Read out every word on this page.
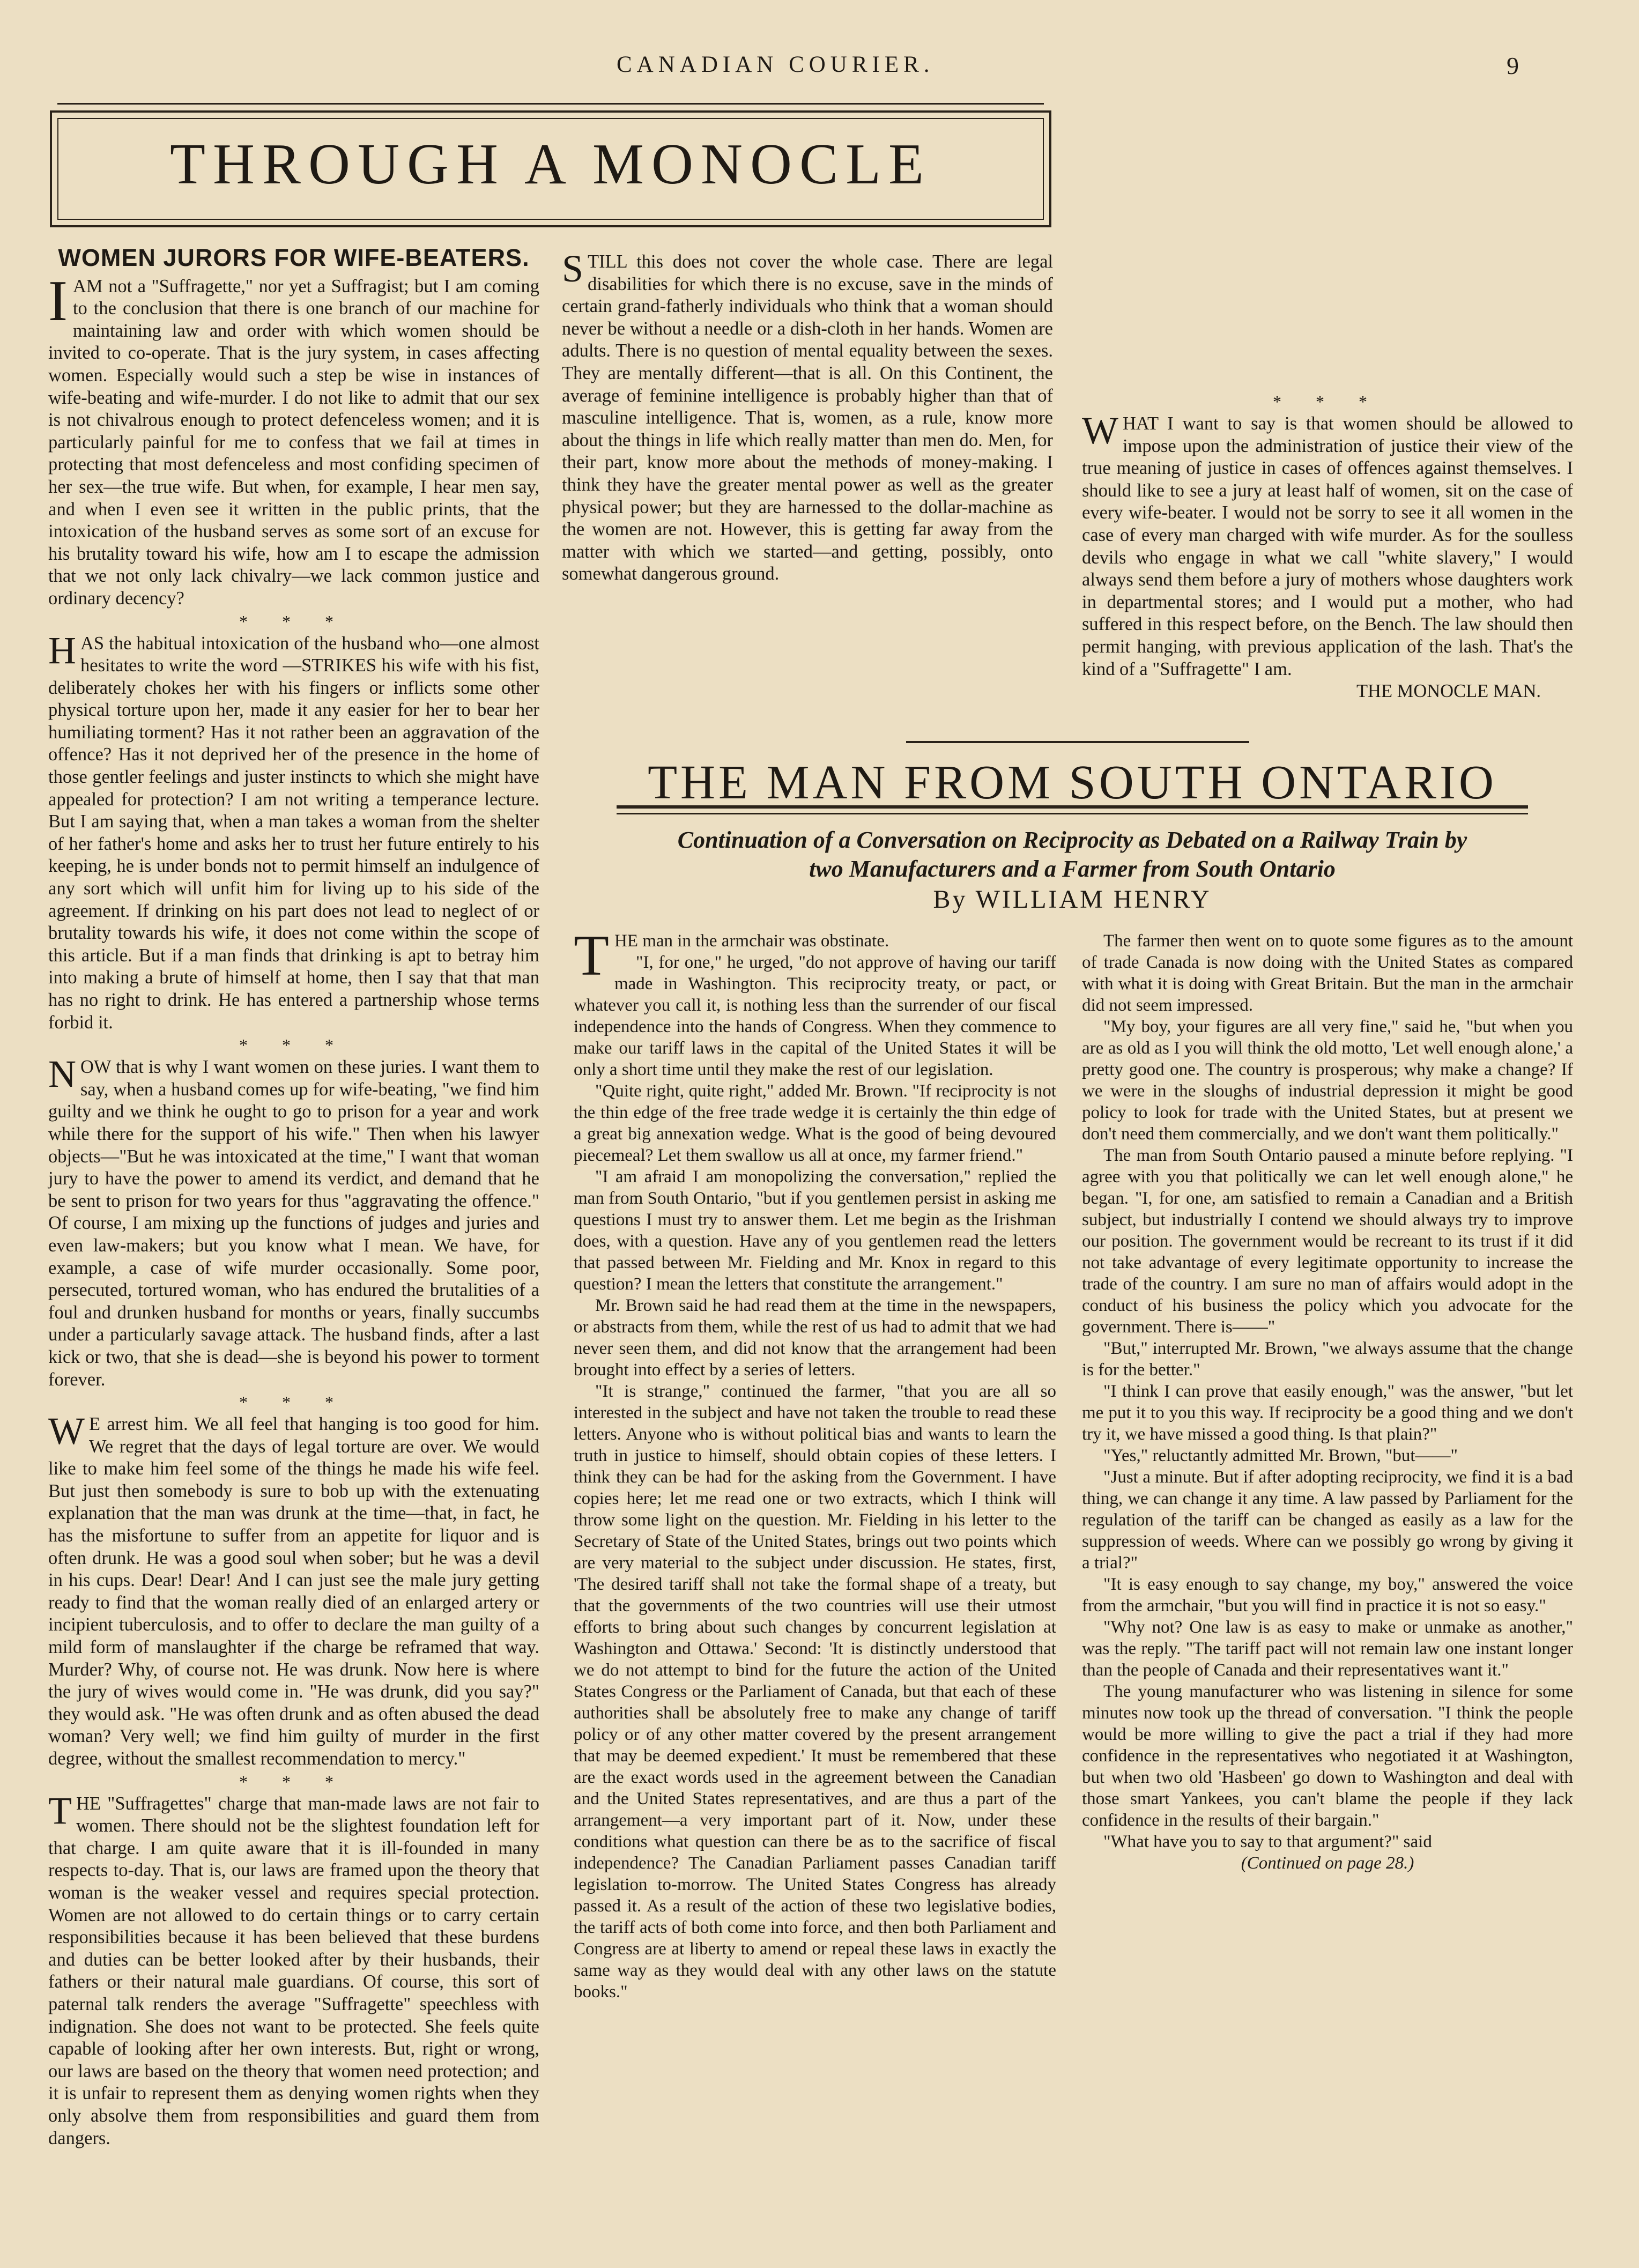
CANADIAN COURIER.	9
THROUGH A MONOCLE
WOMEN JURORS FOR WIFE-BEATERS.

IAM not a "Suffragette," nor yet a Suffragist; but I am coming to the conclusion that there is one branch of our machine for maintaining law and order with which women should be invited to co-operate. That is the jury system, in cases affecting women. Especially would such a step be wise in instances of wife-beating and wife-murder. I do not like to admit that our sex is not chivalrous enough to protect defenceless women; and it is particularly painful for me to confess that we fail at times in protecting that most defenceless and most confiding specimen of her sex—the true wife. But when, for example, I hear men say, and when I even see it written in the public prints, that the intoxication of the husband serves as some sort of an excuse for his brutality toward his wife, how am I to escape the admission that we not only lack chivalry—we lack common justice and ordinary decency?

* * *

HAS the habitual intoxication of the husband who—one almost hesitates to write the word —STRIKES his wife with his fist, deliberately chokes her with his fingers or inflicts some other physical torture upon her, made it any easier for her to bear her humiliating torment? Has it not rather been an aggravation of the offence? Has it not deprived her of the presence in the home of those gentler feelings and juster instincts to which she might have appealed for protection? I am not writing a temperance lecture. But I am saying that, when a man takes a woman from the shelter of her father's home and asks her to trust her future entirely to his keeping, he is under bonds not to permit himself an indulgence of any sort which will unfit him for living up to his side of the agreement. If drinking on his part does not lead to neglect of or brutality towards his wife, it does not come within the scope of this article. But if a man finds that drinking is apt to betray him into making a brute of himself at home, then I say that that man has no right to drink. He has entered a partnership whose terms forbid it.

* * *

NOW that is why I want women on these juries. I want them to say, when a husband comes up for wife-beating, "we find him guilty and we think he ought to go to prison for a year and work while there for the support of his wife." Then when his lawyer objects—"But he was intoxicated at the time," I want that woman jury to have the power to amend its verdict, and demand that he be sent to prison for two years for thus "aggravating the offence." Of course, I am mixing up the functions of judges and juries and even law-makers; but you know what I mean. We have, for example, a case of wife murder occasionally. Some poor, persecuted, tortured woman, who has endured the brutalities of a foul and drunken husband for months or years, finally succumbs under a particularly savage attack. The husband finds, after a last kick or two, that she is dead—she is beyond his power to torment forever.

* * *

W E arrest him. We all feel that hanging is too good for him. We regret that the days of legal torture are over. We would like to make him feel some of the things he made his wife feel. But just then somebody is sure to bob up with the extenuating explanation that the man was drunk at the time—that, in fact, he has the misfortune to suffer from an appetite for liquor and is often drunk. He was a good soul when sober; but he was a devil in his cups. Dear! Dear! And I can just see the male jury getting ready to find that the woman really died of an enlarged artery or incipient tuberculosis, and to offer to declare the man guilty of a mild form of manslaughter if the charge be reframed that way. Murder? Why, of course not. He was drunk. Now here is where the jury of wives would come in. "He was drunk, did you say?" they would ask. "He was often drunk and as often abused the dead woman? Very well; we find him guilty of murder in the first degree, without the smallest recommendation to mercy."

* * *

THE "Suffragettes" charge that man-made laws are not fair to women. There should not be the slightest foundation left for that charge. I am quite aware that it is ill-founded in many respects to-day. That is, our laws are framed upon the theory that woman is the weaker vessel and requires special protection. Women are not allowed to do certain things or to carry certain responsibilities because it has been believed that these burdens and duties can be better looked after by their husbands, their fathers or their natural male guardians. Of course, this sort of paternal talk renders the average "Suffragette" speechless with indignation. She does not want to be protected. She feels quite capable of looking after her own interests. But, right or wrong, our laws are based on the theory that women need protection; and it is unfair to represent them as denying women rights when they only absolve them from responsibilities and guard them from dangers.

STILL this does not cover the whole case. There are legal disabilities for which there is no excuse, save in the minds of certain grand-fatherly individuals who think that a woman should never be without a needle or a dish-cloth in her hands. Women are adults. There is no question of mental equality between the sexes. They are mentally different—that is all. On this Continent, the average of feminine intelligence is probably higher than that of masculine intelligence. That is, women, as a rule, know more about the things in life which really matter than men do. Men, for their part, know more about the methods of money-making. I think they have the greater mental power as well as the greater physical power; but they are harnessed to the dollar-machine as the women are not. However, this is getting far away from the matter with which we started—and getting, possibly, onto somewhat dangerous ground.

* * *

WHAT I want to say is that women should be allowed to impose upon the administration of justice their view of the true meaning of justice in cases of offences against themselves. I should like to see a jury at least half of women, sit on the case of every wife-beater. I would not be sorry to see it all women in the case of every man charged with wife murder. As for the soulless devils who engage in what we call "white slavery," I would always send them before a jury of mothers whose daughters work in departmental stores; and I would put a mother, who had suffered in this respect before, on the Bench. The law should then permit hanging, with previous application of the lash. That's the kind of a "Suffragette" I am.

THE MONOCLE MAN.
THE MAN FROM SOUTH ONTARIO
Continuation of a Conversation on Reciprocity as Debated on a Railway Train by two Manufacturers and a Farmer from South Ontario
By WILLIAM HENRY

THE man in the armchair was obstinate.

"I, for one," he urged, "do not approve of having our tariff made in Washington. This reciprocity treaty, or pact, or whatever you call it, is nothing less than the surrender of our fiscal independence into the hands of Congress. When they commence to make our tariff laws in the capital of the United States it will be only a short time until they make the rest of our legislation.

"Quite right, quite right," added Mr. Brown. "If reciprocity is not the thin edge of the free trade wedge it is certainly the thin edge of a great big annexation wedge. What is the good of being devoured piecemeal? Let them swallow us all at once, my farmer friend."

"I am afraid I am monopolizing the conversation," replied the man from South Ontario, "but if you gentlemen persist in asking me questions I must try to answer them. Let me begin as the Irishman does, with a question. Have any of you gentlemen read the letters that passed between Mr. Fielding and Mr. Knox in regard to this question? I mean the letters that constitute the arrangement."

Mr. Brown said he had read them at the time in the newspapers, or abstracts from them, while the rest of us had to admit that we had never seen them, and did not know that the arrangement had been brought into effect by a series of letters.

"It is strange," continued the farmer, "that you are all so interested in the subject and have not taken the trouble to read these letters. Anyone who is without political bias and wants to learn the truth in justice to himself, should obtain copies of these letters. I think they can be had for the asking from the Government. I have copies here; let me read one or two extracts, which I think will throw some light on the question. Mr. Fielding in his letter to the Secretary of State of the United States, brings out two points which are very material to the subject under discussion. He states, first, 'The desired tariff shall not take the formal shape of a treaty, but that the governments of the two countries will use their utmost efforts to bring about such changes by concurrent legislation at Washington and Ottawa.' Second: 'It is distinctly understood that we do not attempt to bind for the future the action of the United States Congress or the Parliament of Canada, but that each of these authorities shall be absolutely free to make any change of tariff policy or of any other matter covered by the present arrangement that may be deemed expedient.' It must be remembered that these are the exact words used in the agreement between the Canadian and the United States representatives, and are thus a part of the arrangement—a very important part of it. Now, under these conditions what question can there be as to the sacrifice of fiscal independence? The Canadian Parliament passes Canadian tariff legislation to-morrow. The United States Congress has already passed it. As a result of the action of these two legislative bodies, the tariff acts of both come into force, and then both Parliament and Congress are at liberty to amend or repeal these laws in exactly the same way as they would deal with any other laws on the statute books."

The farmer then went on to quote some figures as to the amount of trade Canada is now doing with the United States as compared with what it is doing with Great Britain. But the man in the armchair did not seem impressed.

"My boy, your figures are all very fine," said he, "but when you are as old as I you will think the old motto, 'Let well enough alone,' a pretty good one. The country is prosperous; why make a change? If we were in the sloughs of industrial depression it might be good policy to look for trade with the United States, but at present we don't need them commercially, and we don't want them politically."

The man from South Ontario paused a minute before replying. "I agree with you that politically we can let well enough alone," he began. "I, for one, am satisfied to remain a Canadian and a British subject, but industrially I contend we should always try to improve our position. The government would be recreant to its trust if it did not take advantage of every legitimate opportunity to increase the trade of the country. I am sure no man of affairs would adopt in the conduct of his business the policy which you advocate for the government. There is——"

"But," interrupted Mr. Brown, "we always assume that the change is for the better."

"I think I can prove that easily enough," was the answer, "but let me put it to you this way. If reciprocity be a good thing and we don't try it, we have missed a good thing. Is that plain?"

"Yes," reluctantly admitted Mr. Brown, "but——"

"Just a minute. But if after adopting reciprocity, we find it is a bad thing, we can change it any time. A law passed by Parliament for the regulation of the tariff can be changed as easily as a law for the suppression of weeds. Where can we possibly go wrong by giving it a trial?"

"It is easy enough to say change, my boy," answered the voice from the armchair, "but you will find in practice it is not so easy."

"Why not? One law is as easy to make or unmake as another," was the reply. "The tariff pact will not remain law one instant longer than the people of Canada and their representatives want it."

The young manufacturer who was listening in silence for some minutes now took up the thread of conversation. "I think the people would be more willing to give the pact a trial if they had more confidence in the representatives who negotiated it at Washington, but when two old 'Hasbeen' go down to Washington and deal with those smart Yankees, you can't blame the people if they lack confidence in the results of their bargain."

"What have you to say to that argument?" said

(Continued on page 28.)
